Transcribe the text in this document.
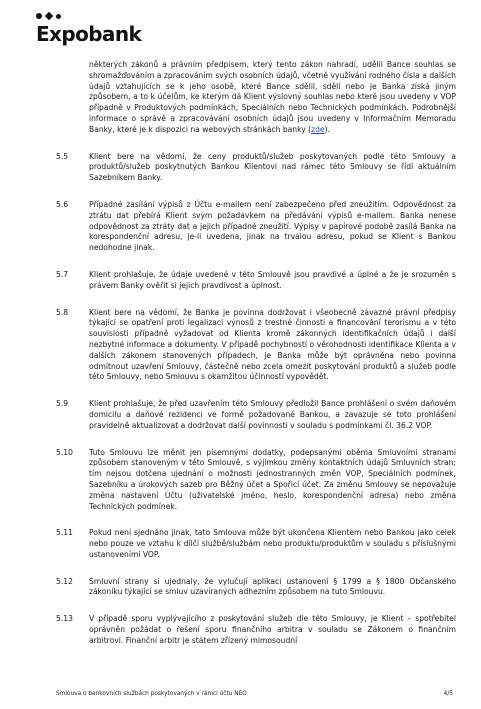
Expobank

některých zákonů a právním předpisem, který tento zákon nahradí, udělil Bance souhlas se shromažďováním a zpracováním svých osobních údajů, včetně využívání rodného čísla a dalších údajů vztahujících se k jeho osobě, které Bance sdělil, sdělí nebo je Banka získá jiným způsobem, a to k účelům, ke kterým dá Klient výslovný souhlas nebo které jsou uvedeny v VOP případně v Produktových podmínkách, Speciálních nebo Technických podmínkách. Podrobnější informace o správě a zpracovávání osobních údajů jsou uvedeny v Informačním Memoradu Banky, které je k dispozici na webových stránkách banky (zde).

5.5	Klient bere na vědomí, že ceny produktů/služeb poskytovaných podle této Smlouvy a produktů/služeb poskytnutých Bankou Klientovi nad rámec této Smlouvy se řídí aktuálním Sazebníkem Banky.

5.6	Případné zasílání výpisů z Účtu e-mailem není zabezpečeno před zneužitím. Odpovědnost za ztrátu dat přebírá Klient svým požadavkem na předávání výpisů e-mailem. Banka nenese odpovědnost za ztráty dat a jejich případné zneužití. Výpisy v papírové podobě zasílá Banka na korespondenční adresu, je-li uvedena, jinak na trvalou adresu, pokud se Klient s Bankou nedohodne jinak.

5.7	Klient prohlašuje, že údaje uvedené v této Smlouvě jsou pravdivé a úplné a že je srozuměn s právem Banky ověřit si jejich pravdivost a úplnost.

5.8	Klient bere na vědomí, že Banka je povinna dodržovat i všeobecně závazné právní předpisy týkající se opatření proti legalizaci výnosů z trestné činnosti a financování terorismu a v této souvislosti případně vyžadovat od Klienta kromě zákonných identifikačních údajů i další nezbytné informace a dokumenty. V případě pochybností o věrohodnosti identifikace Klienta a v dalších zákonem stanovených případech, je Banka může být oprávněna nebo povinna odmítnout uzavření Smlouvy, částečně nebo zcela omezit poskytování produktů a služeb podle této Smlouvy, nebo Smlouvu s okamžitou účinností vypovědět.

5.9	Klient prohlašuje, že před uzavřením této Smlouvy předložil Bance prohlášení o svém daňovém domicilu a daňové rezidenci ve formě požadované Bankou, a zavazuje se toto prohlášení pravidelně aktualizovat a dodržovat další povinnosti v souladu s podmínkami čl. 36.2 VOP.

5.10	Tuto Smlouvu lze měnit jen písemnými dodatky, podepsanými oběma Smluvními stranami způsobem stanoveným v této Smlouvě, s výjimkou změny kontaktních údajů Smluvních stran; tím nejsou dotčena ujednání o možnosti jednostranných změn VOP, Speciálních podmínek, Sazebníku a úrokových sazeb pro Běžný účet a Spořicí účet. Za změnu Smlouvy se nepovažuje změna nastavení Účtu (uživatelské jméno, heslo, korespondenční adresa) nebo změna Technických podmínek.

5.11	Pokud není sjednáno jinak, tato Smlouva může být ukončena Klientem nebo Bankou jako celek nebo pouze ve vztahu k dílčí službě/službám nebo produktu/produktům v souladu s příslušnými ustanoveními VOP.

5.12	Smluvní strany si ujednaly, že vylučují aplikaci ustanovení § 1799 a § 1800 Občanského zákoníku týkající se smluv uzavíraných adhezním způsobem na tuto Smlouvu.

5.13	V případě sporu vyplývajícího z poskytování služeb dle této Smlouvy, je Klient – spotřebitel oprávněn požádat o řešení sporu finančního arbitra v souladu se Zákonem o finančním arbitrovi. Finanční arbitr je státem zřízený mimosoudní

Smlouva o bankovních službách poskytovaných v rámci účtu NEO	4/5
